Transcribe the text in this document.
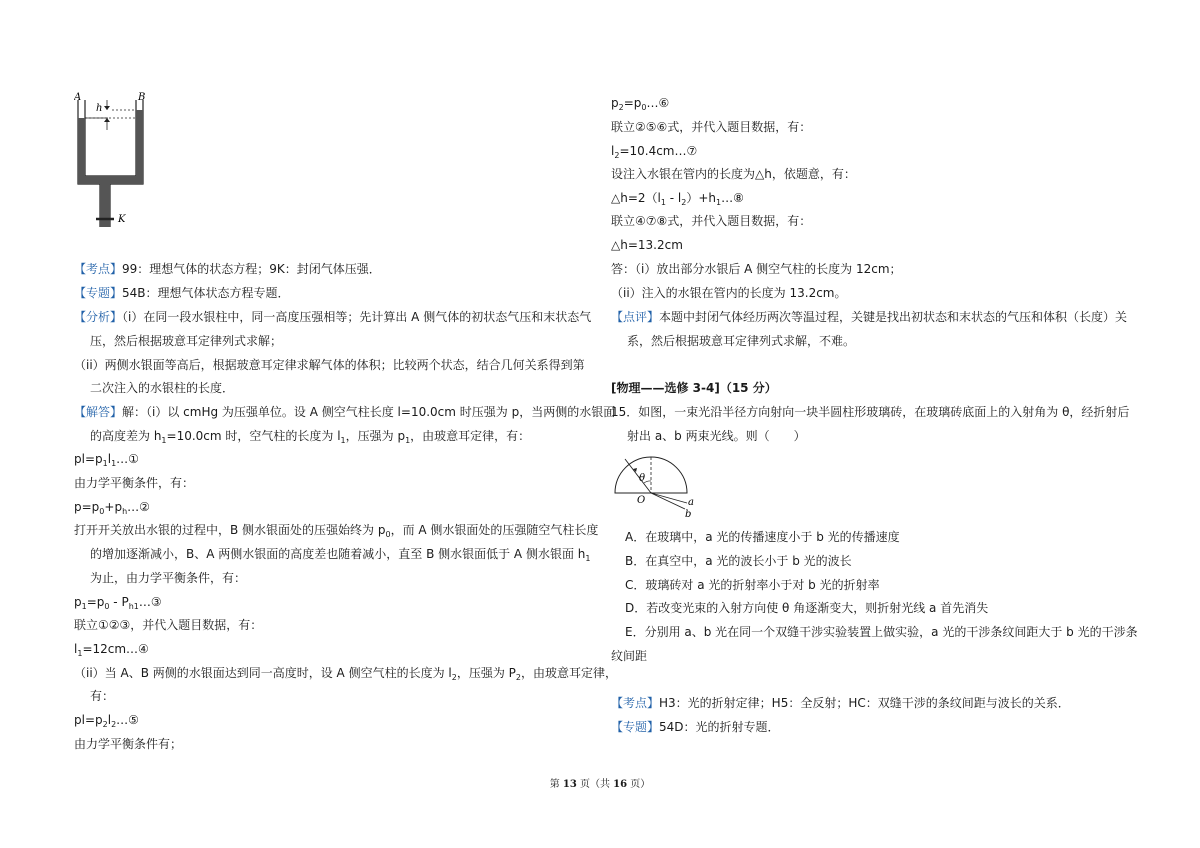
A	B
h
K
【考点】99：理想气体的状态方程；9K：封闭气体压强．
【专题】54B：理想气体状态方程专题．
【分析】（i）在同一段水银柱中，同一高度压强相等；先计算出 A 侧气体的初状态气压和末状态气
压，然后根据玻意耳定律列式求解；
（ii）两侧水银面等高后，根据玻意耳定律求解气体的体积；比较两个状态，结合几何关系得到第
二次注入的水银柱的长度．
【解答】解：（i）以 cmHg 为压强单位。设 A 侧空气柱长度 l=10.0cm 时压强为 p，当两侧的水银面
的高度差为 $h_1=10.0cm$ 时，空气柱的长度为 $l_1$，压强为 $p_1$，由玻意耳定律，有：
$pl=p_1l_1\dots ①$
由力学平衡条件，有：
$p=p_0+p_h\dots ②$
打开开关放出水银的过程中，B 侧水银面处的压强始终为 $p_0$，而 A 侧水银面处的压强随空气柱长度
的增加逐渐减小，B、A 两侧水银面的高度差也随着减小，直至 B 侧水银面低于 A 侧水银面 $h_1$
为止，由力学平衡条件，有：
$p_1=p_0$ - $P_{h1}\dots ③$
联立①②③，并代入题目数据，有：
$l_1=12cm\dots ④$
（ii）当 A、B 两侧的水银面达到同一高度时，设 A 侧空气柱的长度为 $l_2$，压强为 $P_2$，由玻意耳定律，
有：
$pl=p_2l_2\dots ⑤$
由力学平衡条件有；
$p_2=p_0\dots ⑥$
联立②⑤⑥式，并代入题目数据，有：
$l_2=10.4cm\dots ⑦$
设注入水银在管内的长度为△h，依题意，有：
$\triangle h=2(l_1$ - $l_2)+h_1\dots ⑧$
联立④⑦⑧式，并代入题目数据，有：
△h=13.2cm
答：（i）放出部分水银后 A 侧空气柱的长度为 12cm；
（ii）注入的水银在管内的长度为 13.2cm。
【点评】本题中封闭气体经历两次等温过程，关键是找出初状态和末状态的气压和体积（长度）关
系，然后根据玻意耳定律列式求解，不难。
[物理——选修 3-4]（15 分）
15．如图，一束光沿半径方向射向一块半圆柱形玻璃砖，在玻璃砖底面上的入射角为 θ，经折射后
射出 a、b 两束光线。则（　　）
θ
O	a
b
A．在玻璃中，a 光的传播速度小于 b 光的传播速度
B．在真空中，a 光的波长小于 b 光的波长
C．玻璃砖对 a 光的折射率小于对 b 光的折射率
D．若改变光束的入射方向使 θ 角逐渐变大，则折射光线 a 首先消失
E．分别用 a、b 光在同一个双缝干涉实验装置上做实验，a 光的干涉条纹间距大于 b 光的干涉条
纹间距
【考点】H3：光的折射定律；H5：全反射；HC：双缝干涉的条纹间距与波长的关系．
【专题】54D：光的折射专题．
第 13 页（共 16 页）
